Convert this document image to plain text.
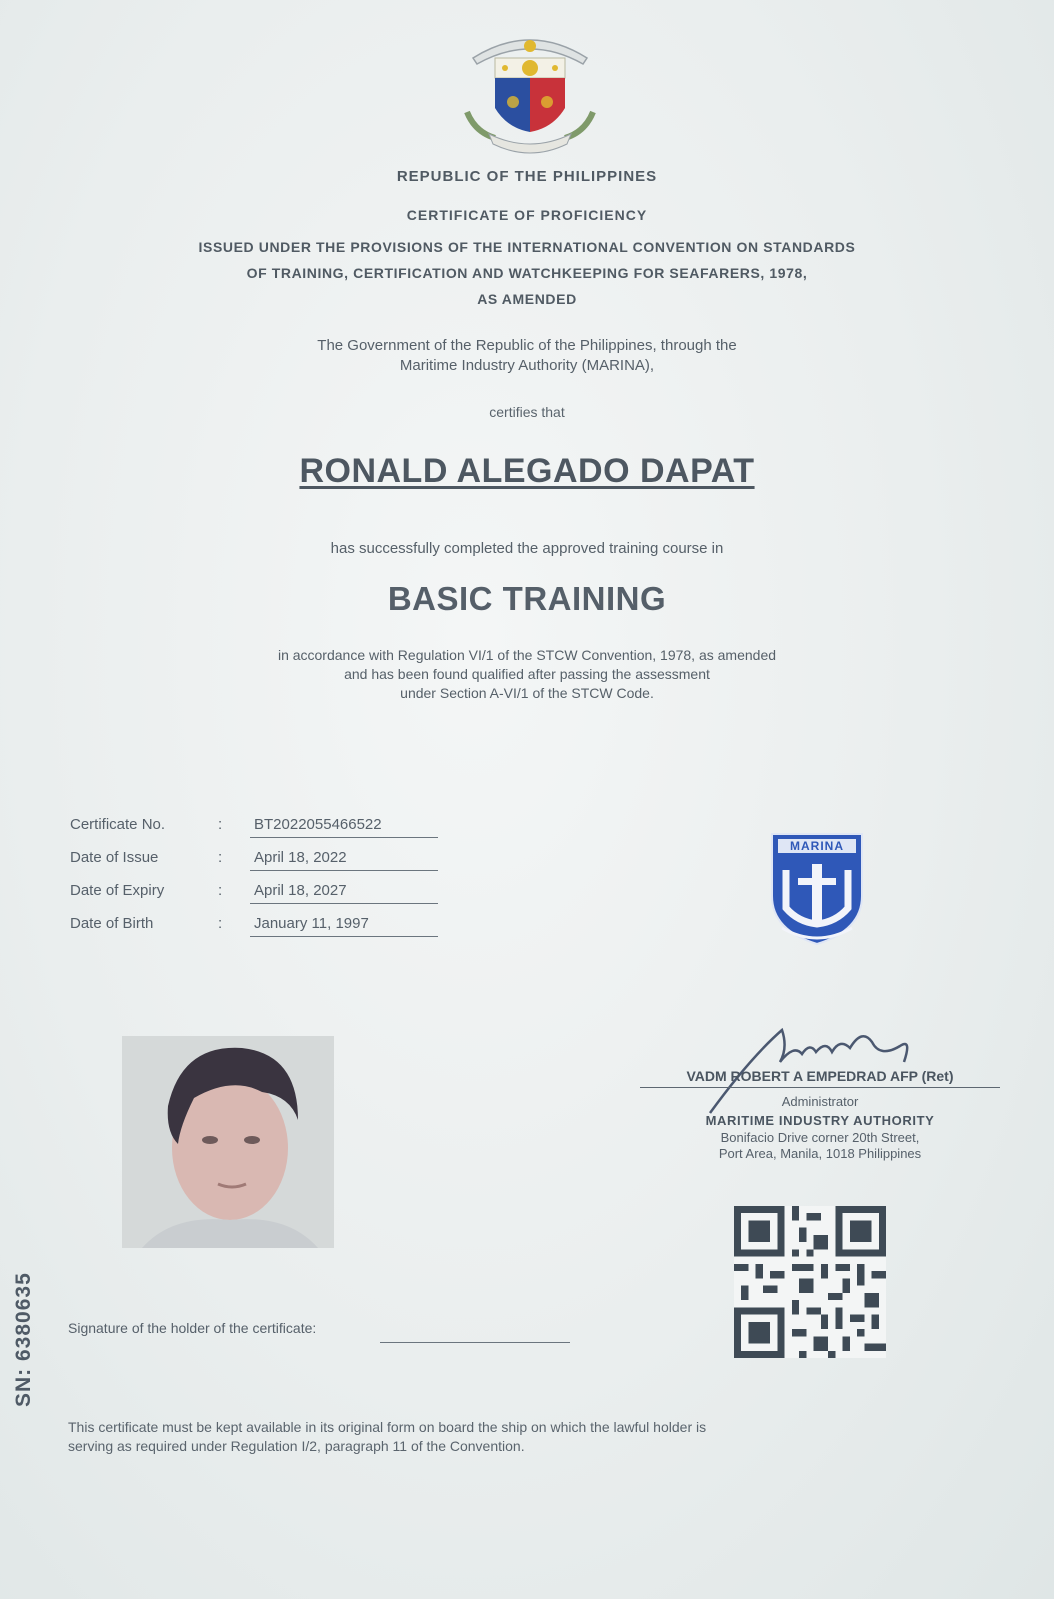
REPUBLIC OF THE PHILIPPINES
CERTIFICATE OF PROFICIENCY
ISSUED UNDER THE PROVISIONS OF THE INTERNATIONAL CONVENTION ON STANDARDS
OF TRAINING, CERTIFICATION AND WATCHKEEPING FOR SEAFARERS, 1978,
AS AMENDED
The Government of the Republic of the Philippines, through the
Maritime Industry Authority (MARINA),
certifies that
RONALD ALEGADO DAPAT
has successfully completed the approved training course in
BASIC TRAINING
in accordance with Regulation VI/1 of the STCW Convention, 1978, as amended
and has been found qualified after passing the assessment
under Section A-VI/1 of the STCW Code.
Certificate No.	: BT2022055466522
Date of Issue	: April 18, 2022
Date of Expiry	: April 18, 2027
Date of Birth	: January 11, 1997
MARINA
VADM ROBERT A EMPEDRAD AFP (Ret)
Administrator
MARITIME INDUSTRY AUTHORITY
Bonifacio Drive corner 20th Street,
Port Area, Manila, 1018 Philippines
Signature of the holder of the certificate:
SN: 6380635
This certificate must be kept available in its original form on board the ship on which the lawful holder is
serving as required under Regulation I/2, paragraph 11 of the Convention.
